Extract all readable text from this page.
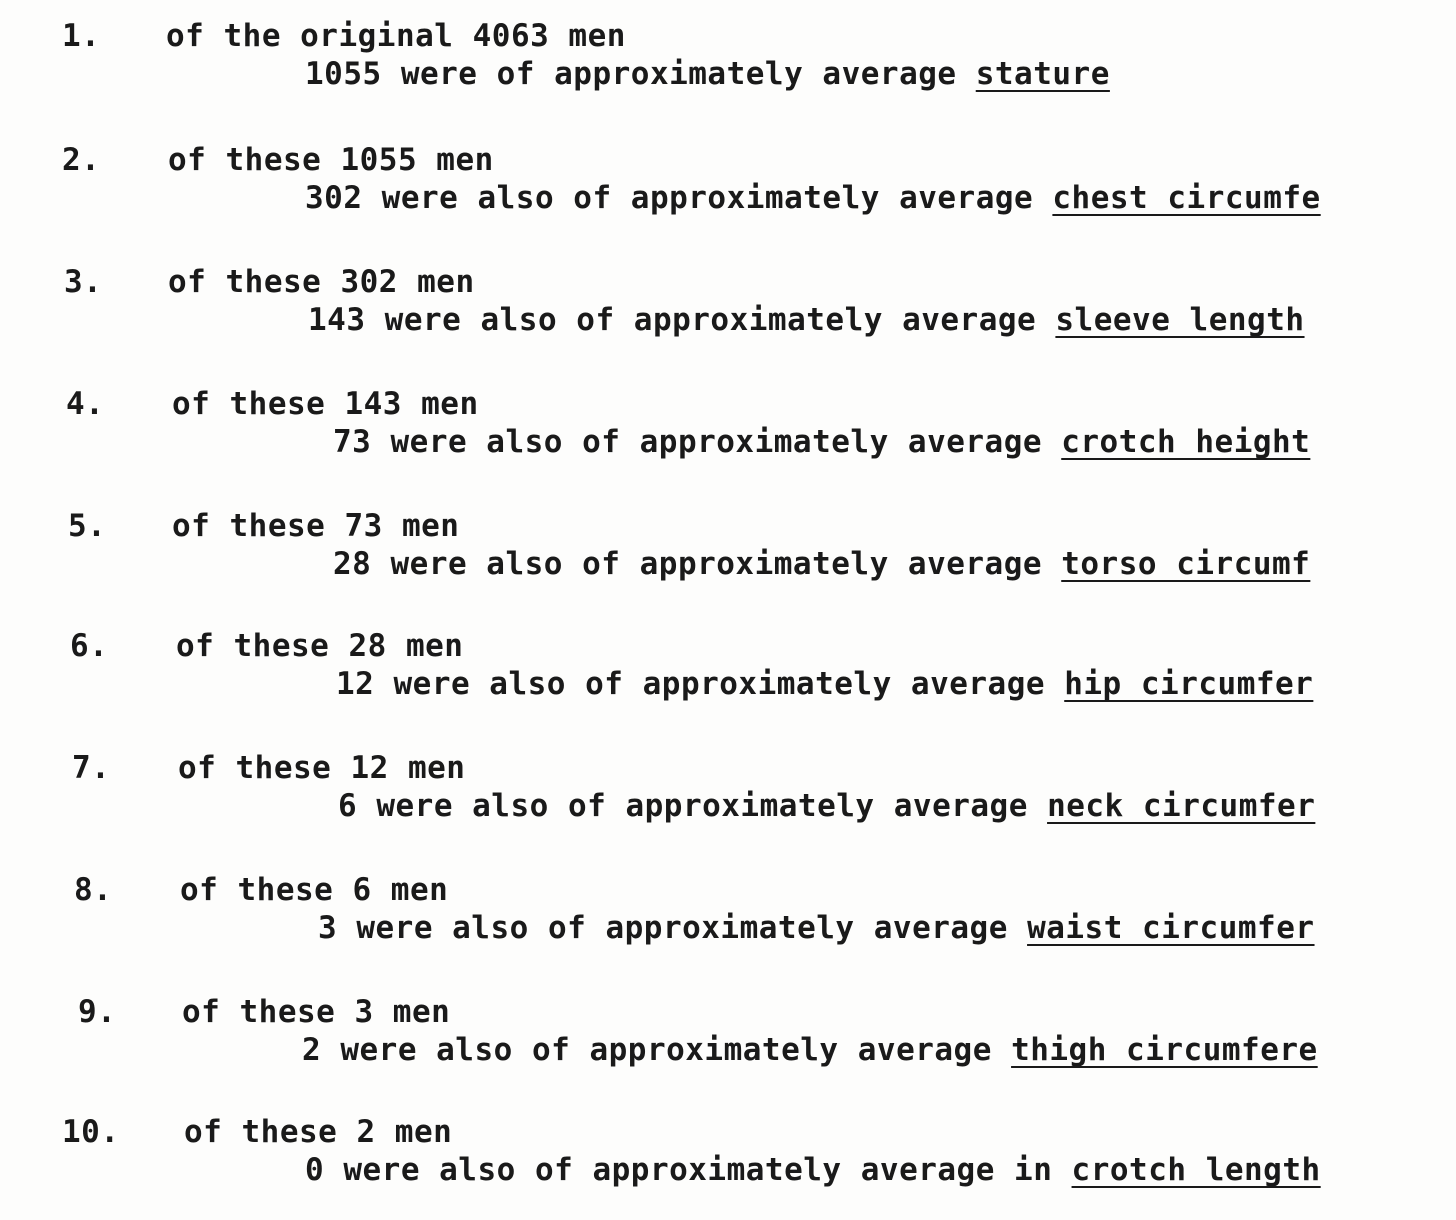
1. of the original 4063 men
1055 were of approximately average stature
2. of these 1055 men
302 were also of approximately average chest circumfe
3. of these 302 men
143 were also of approximately average sleeve length
4. of these 143 men
73 were also of approximately average crotch height
5. of these 73 men
28 were also of approximately average torso circumf
6. of these 28 men
12 were also of approximately average hip circumfer
7. of these 12 men
6 were also of approximately average neck circumfer
8. of these 6 men
3 were also of approximately average waist circumfer
9. of these 3 men
2 were also of approximately average thigh circumfere
10. of these 2 men
0 were also of approximately average in crotch length
